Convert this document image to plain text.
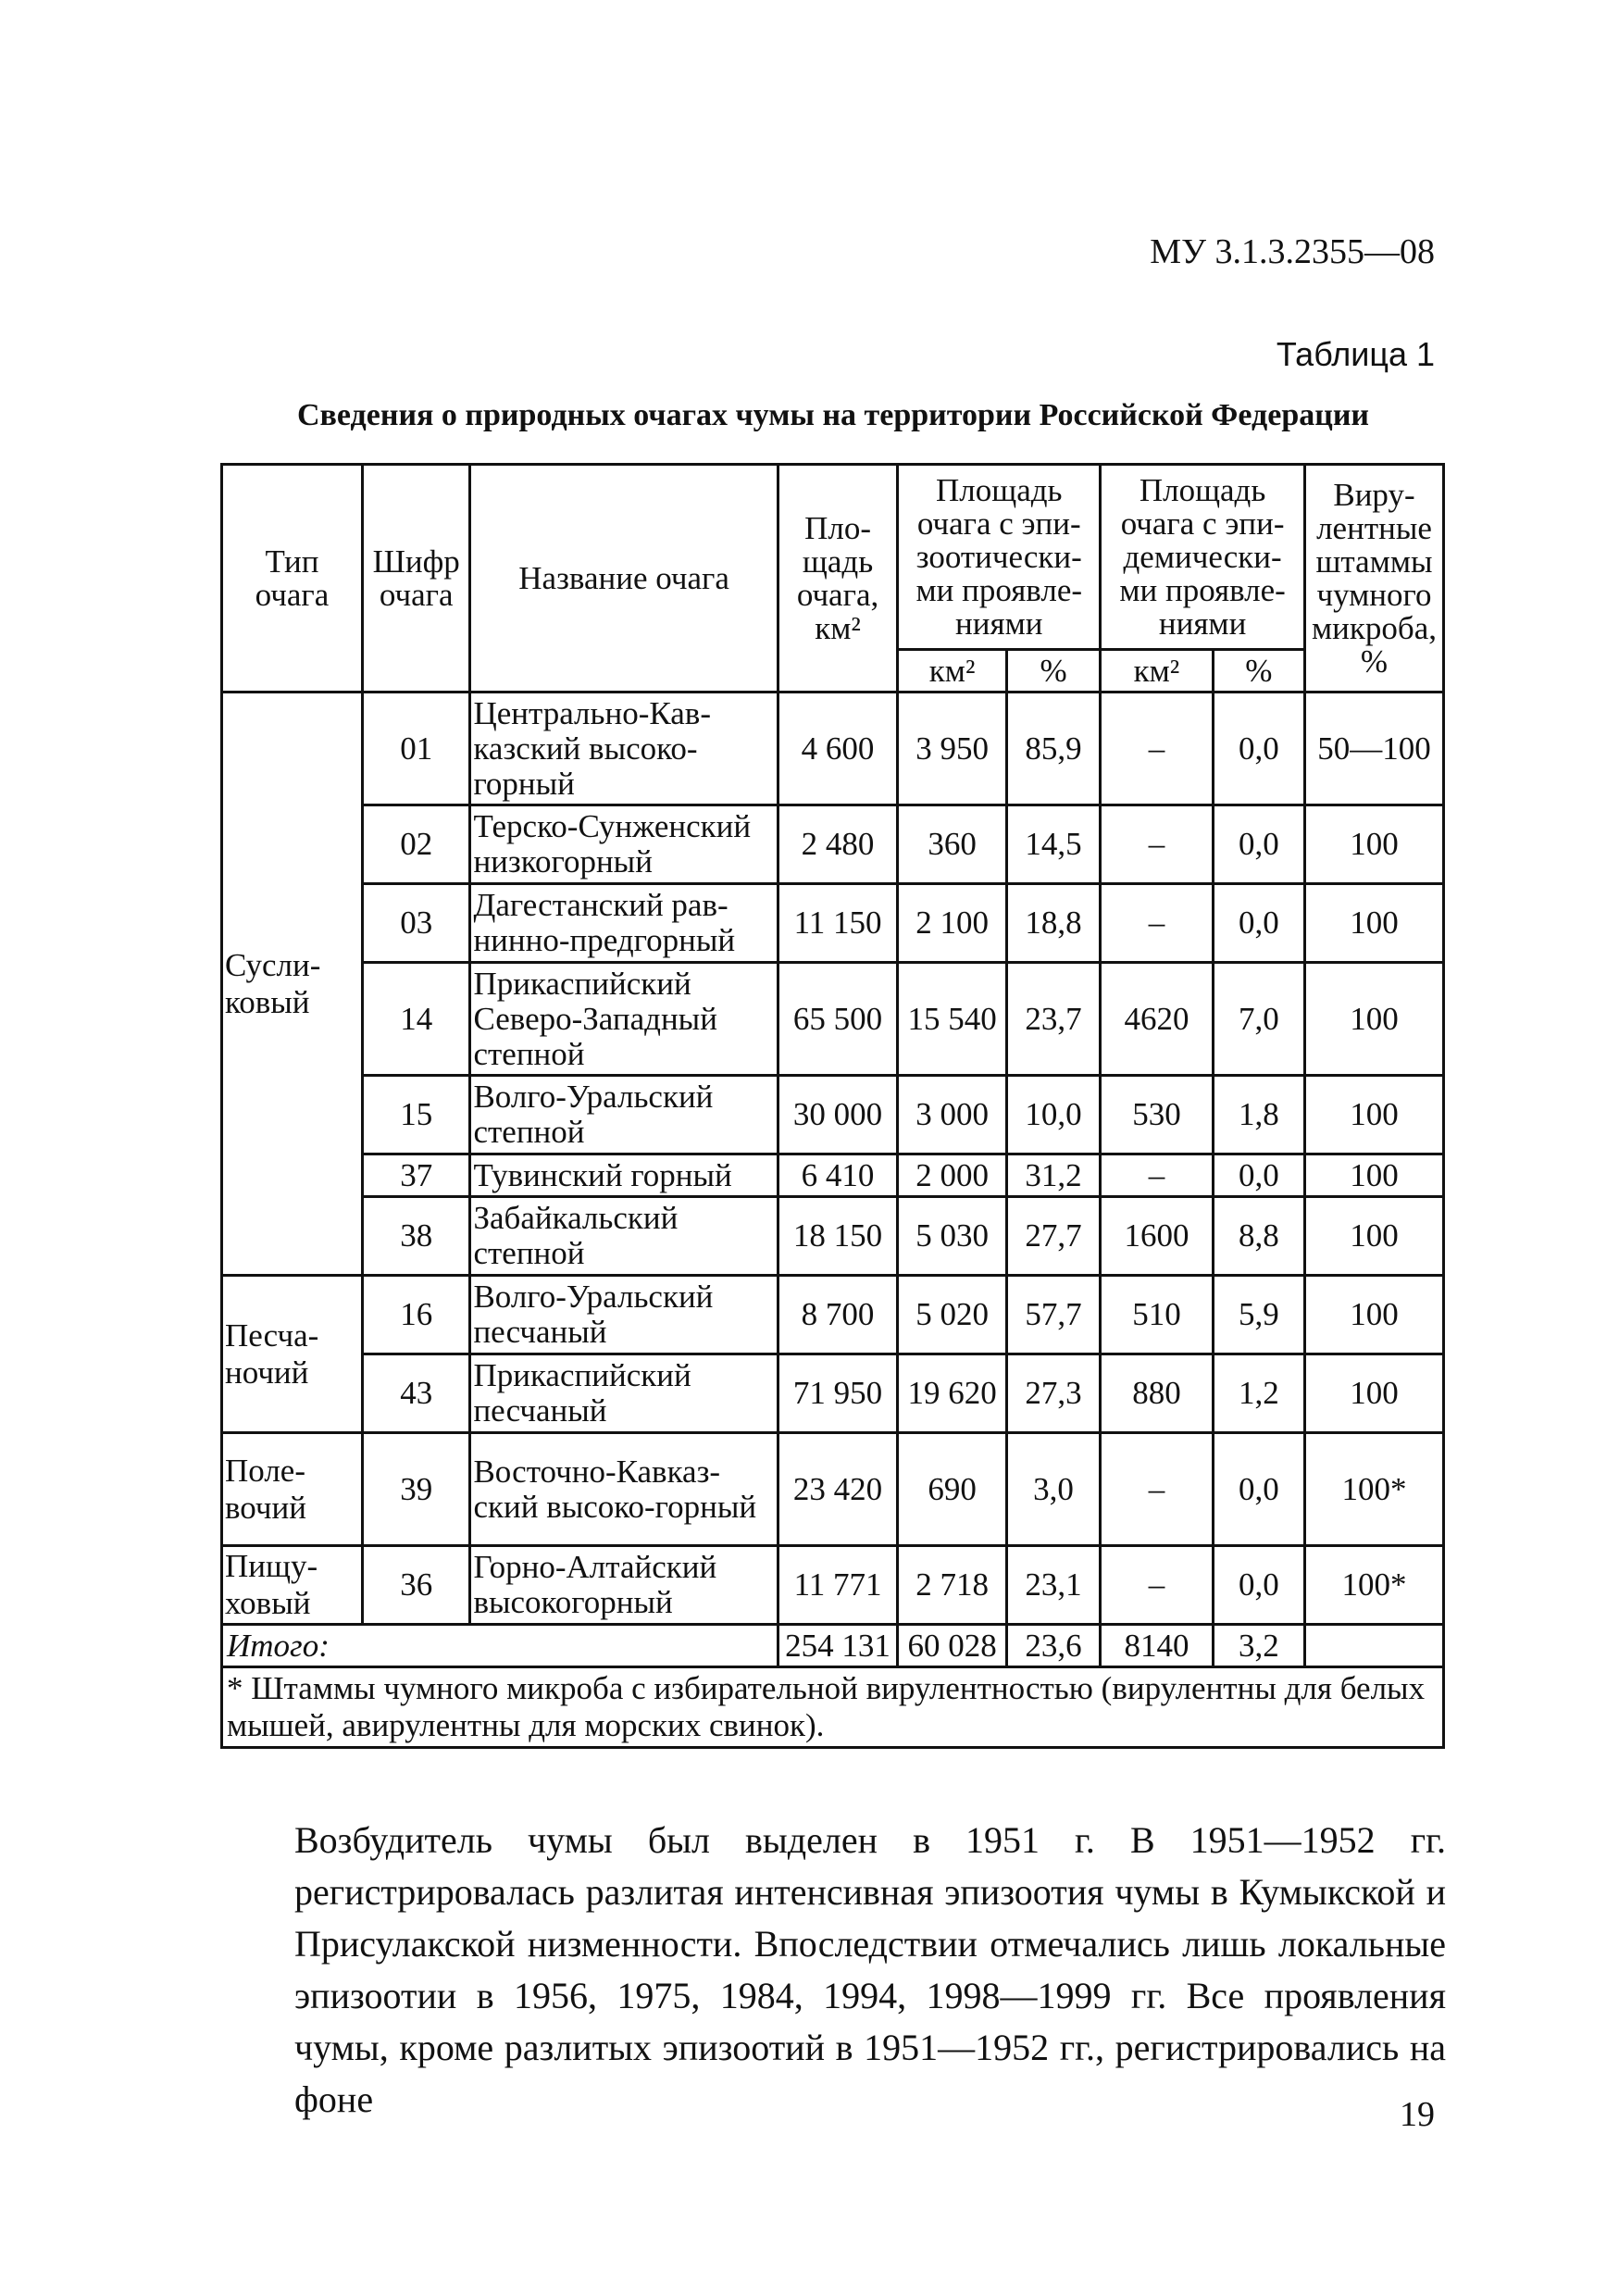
МУ 3.1.3.2355—08
Таблица 1
Сведения о природных очагах чумы на территории Российской Федерации
Тип очага	Шифр очага	Название очага	Пло-щадь очага, км²	Площадь очага с эпи-зоотически-ми проявле-ниями		Площадь очага с эпи-демически-ми проявле-ниями		Виру-лентные штаммы чумного микроба, %
				км²	%	км²	%	
Сусли-ковый	01	Центрально-Кав-казский высоко-горный	4 600	3 950	85,9	–	0,0	50—100
	02	Терско-Сунженский низкогорный	2 480	360	14,5	–	0,0	100
	03	Дагестанский рав-нинно-предгорный	11 150	2 100	18,8	–	0,0	100
	14	Прикаспийский Северо-Западный степной	65 500	15 540	23,7	4620	7,0	100
	15	Волго-Уральский степной	30 000	3 000	10,0	530	1,8	100
	37	Тувинский горный	6 410	2 000	31,2	–	0,0	100
	38	Забайкальский степной	18 150	5 030	27,7	1600	8,8	100
Песча-ночий	16	Волго-Уральский песчаный	8 700	5 020	57,7	510	5,9	100
	43	Прикаспийский песчаный	71 950	19 620	27,3	880	1,2	100
Поле-вочий	39	Восточно-Кавказ-ский высоко-горный	23 420	690	3,0	–	0,0	100*
Пищу-ховый	36	Горно-Алтайский высокогорный	11 771	2 718	23,1	–	0,0	100*
Итого:			254 131	60 028	23,6	8140	3,2	
* Штаммы чумного микроба с избирательной вирулентностью (вирулентны для белых мышей, авирулентны для морских свинок).								

Возбудитель чумы был выделен в 1951 г. В 1951—1952 гг. регистрировалась разлитая интенсивная эпизоотия чумы в Кумыкской и Присулакской низменности. Впоследствии отмечались лишь локальные эпизоотии в 1956, 1975, 1984, 1994, 1998—1999 гг. Все проявления чумы, кроме разлитых эпизоотий в 1951—1952 гг., регистрировались на фоне	19
